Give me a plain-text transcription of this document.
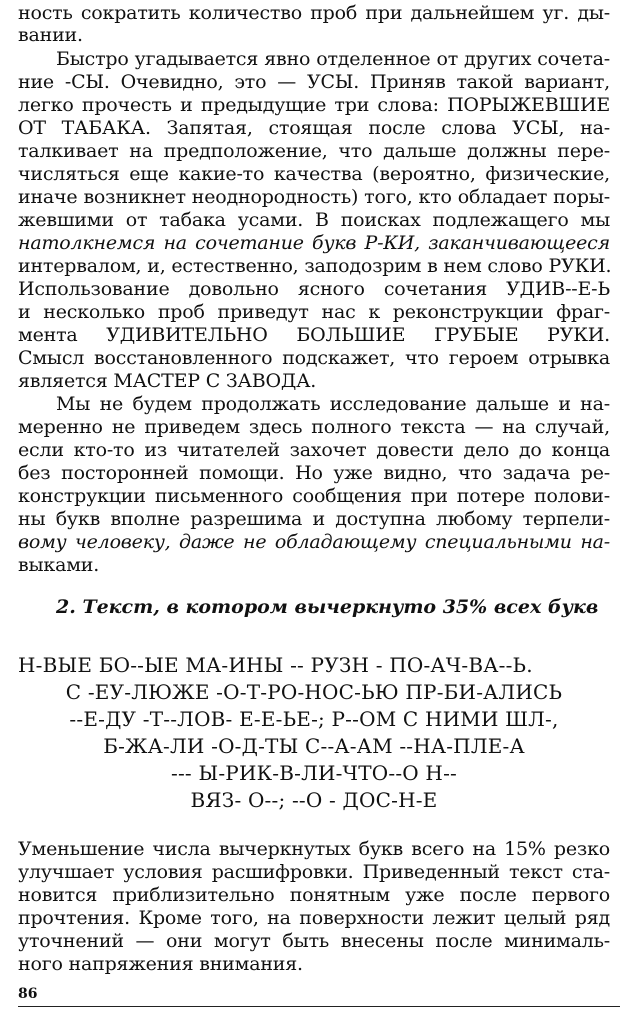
ность сократить количество проб при дальнейшем уг. ды-
вании.
Быстро угадывается явно отделенное от других сочета-
ние -СЫ. Очевидно, это — УСЫ. Приняв такой вариант,
легко прочесть и предыдущие три слова: ПОРЫЖЕВШИЕ
ОТ ТАБАКА. Запятая, стоящая после слова УСЫ, на-
талкивает на предположение, что дальше должны пере-
числяться еще какие-то качества (вероятно, физические,
иначе возникнет неоднородность) того, кто обладает поры-
жевшими от табака усами. В поисках подлежащего мы
натолкнемся на сочетание букв Р-КИ, заканчивающееся
интервалом, и, естественно, заподозрим в нем слово РУКИ.
Использование довольно ясного сочетания УДИВ--Е-Ь
и несколько проб приведут нас к реконструкции фраг-
мента УДИВИТЕЛЬНО БОЛЬШИЕ ГРУБЫЕ РУКИ.
Смысл восстановленного подскажет, что героем отрывка
является МАСТЕР С ЗАВОДА.
Мы не будем продолжать исследование дальше и на-
меренно не приведем здесь полного текста — на случай,
если кто-то из читателей захочет довести дело до конца
без посторонней помощи. Но уже видно, что задача ре-
конструкции письменного сообщения при потере полови-
ны букв вполне разрешима и доступна любому терпели-
вому человеку, даже не обладающему специальными на-
выками.
2. Текст, в котором вычеркнуто 35% всех букв
Н-ВЫЕ БО--ЫЕ МА-ИНЫ -- РУЗН - ПО-АЧ-ВА--Ь.
С -ЕУ-ЛЮЖЕ -О-Т-РО-НОС-ЬЮ ПР-БИ-АЛИСЬ
--Е-ДУ -Т--ЛОВ- Е-Е-ЬЕ-; Р--ОМ С НИМИ ШЛ-,
Б-ЖА-ЛИ -О-Д-ТЫ С--А-АМ --НА-ПЛЕ-А
--- Ы-РИК-В-ЛИ-ЧТО--О Н--
ВЯЗ- О--; --О - ДОС-Н-Е
Уменьшение числа вычеркнутых букв всего на 15% резко
улучшает условия расшифровки. Приведенный текст ста-
новится приблизительно понятным уже после первого
прочтения. Кроме того, на поверхности лежит целый ряд
уточнений — они могут быть внесены после минималь-
ного напряжения внимания.
86
